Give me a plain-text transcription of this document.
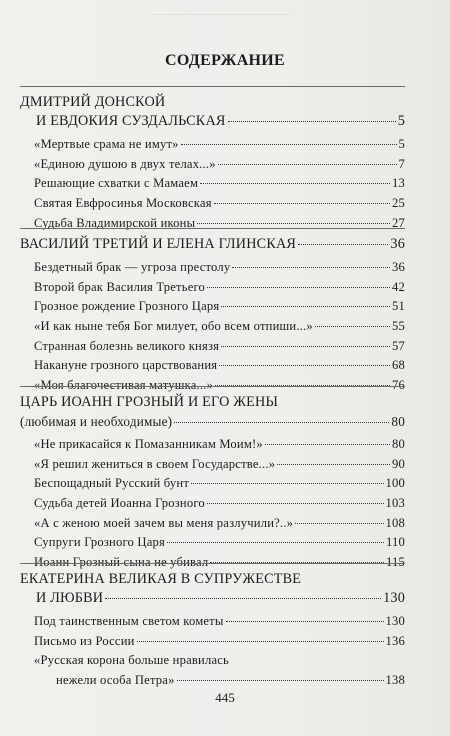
СОДЕРЖАНИЕ
ДМИТРИЙ ДОНСКОЙ
И ЕВДОКИЯ СУЗДАЛЬСКАЯ	5
«Мертвые срама не имут»	5
«Единою душою в двух телах...»	7
Решающие схватки с Мамаем	13
Святая Евфросинья Московская	25
Судьба Владимирской иконы	27
ВАСИЛИЙ ТРЕТИЙ И ЕЛЕНА ГЛИНСКАЯ	36
Бездетный брак — угроза престолу	36
Второй брак Василия Третьего	42
Грозное рождение Грозного Царя	51
«И как ныне тебя Бог милует, обо всем отпиши...»	55
Странная болезнь великого князя	57
Накануне грозного царствования	68
«Моя благочестивая матушка...»	76
ЦАРЬ ИОАНН ГРОЗНЫЙ И ЕГО ЖЕНЫ
(любимая и необходимые)	80
«Не прикасайся к Помазанникам Моим!»	80
«Я решил жениться в своем Государстве...»	90
Беспощадный Русский бунт	100
Судьба детей Иоанна Грозного	103
«А с женою моей зачем вы меня разлучили?..»	108
Супруги Грозного Царя	110
Иоанн Грозный сына не убивал	115
ЕКАТЕРИНА ВЕЛИКАЯ В СУПРУЖЕСТВЕ
И ЛЮБВИ	130
Под таинственным светом кометы	130
Письмо из России	136
«Русская корона больше нравилась
нежели особа Петра»	138
445
